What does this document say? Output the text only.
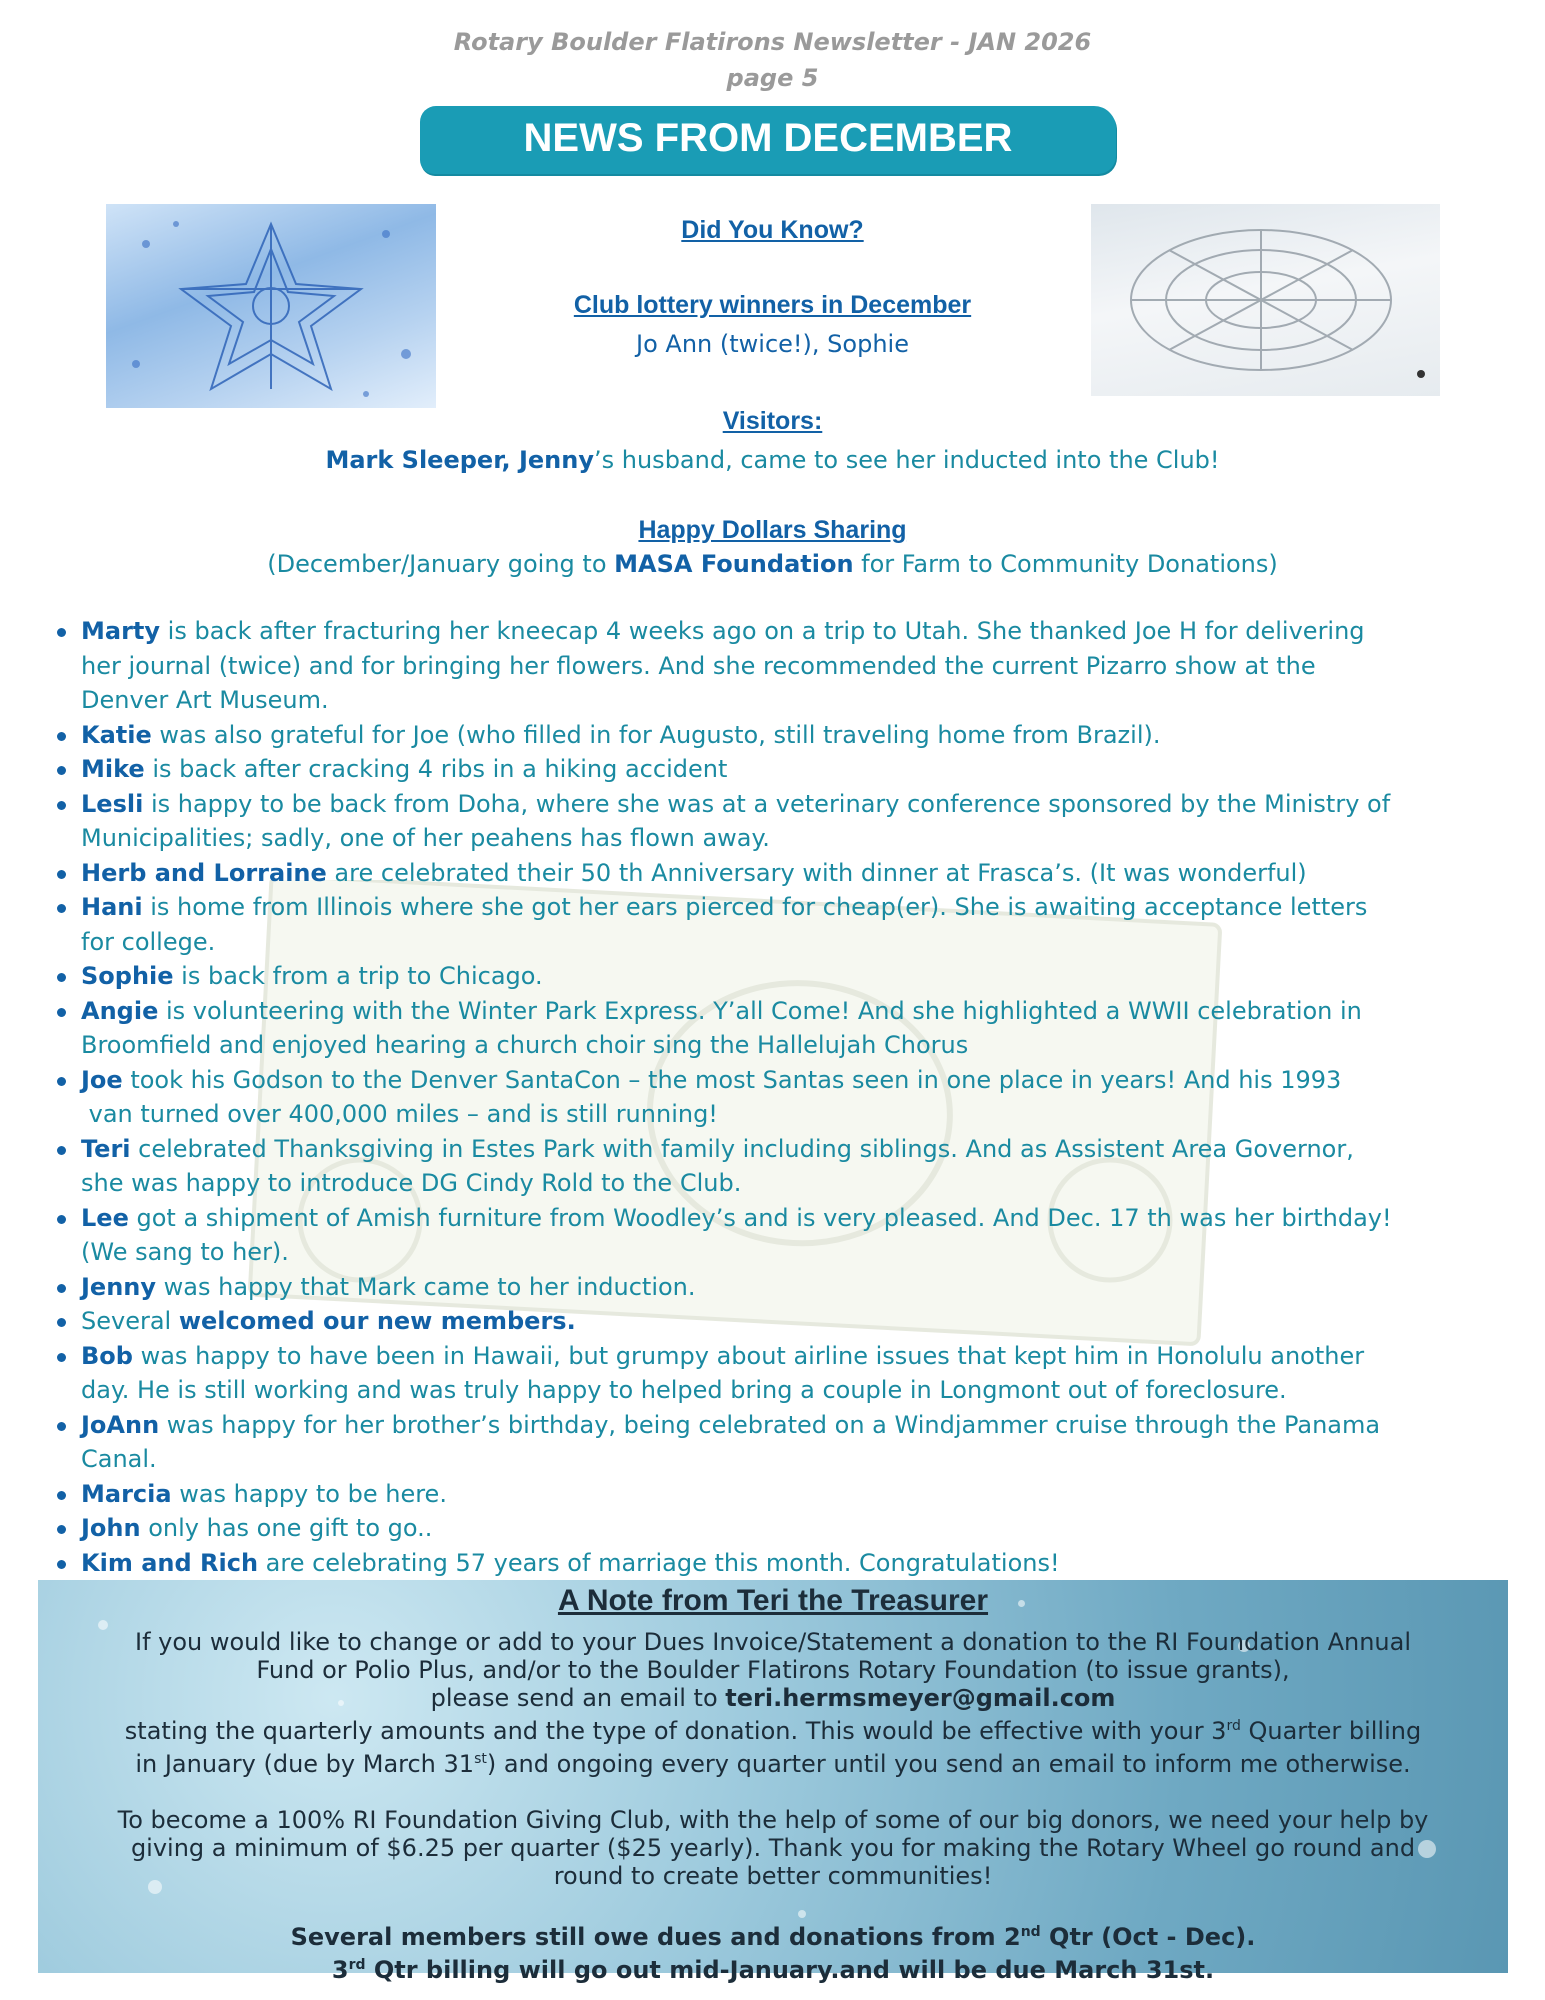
Rotary Boulder Flatirons Newsletter - JAN 2026
page 5
NEWS FROM DECEMBER
Did You Know?
Club lottery winners in December
Jo Ann (twice!), Sophie
Visitors:
Mark Sleeper, Jenny’s husband, came to see her inducted into the Club!
Happy Dollars Sharing
(December/January going to MASA Foundation for Farm to Community Donations)
Marty is back after fracturing her kneecap 4 weeks ago on a trip to Utah. She thanked Joe H for delivering
her journal (twice) and for bringing her flowers. And she recommended the current Pizarro show at the
Denver Art Museum.
Katie was also grateful for Joe (who filled in for Augusto, still traveling home from Brazil).
Mike is back after cracking 4 ribs in a hiking accident
Lesli is happy to be back from Doha, where she was at a veterinary conference sponsored by the Ministry of
Municipalities; sadly, one of her peahens has flown away.
Herb and Lorraine are celebrated their 50 th Anniversary with dinner at Frasca’s. (It was wonderful)
Hani is home from Illinois where she got her ears pierced for cheap(er). She is awaiting acceptance letters
for college.
Sophie is back from a trip to Chicago.
Angie is volunteering with the Winter Park Express. Y’all Come! And she highlighted a WWII celebration in
Broomfield and enjoyed hearing a church choir sing the Hallelujah Chorus
Joe took his Godson to the Denver SantaCon – the most Santas seen in one place in years! And his 1993
van turned over 400,000 miles – and is still running!
Teri celebrated Thanksgiving in Estes Park with family including siblings. And as Assistent Area Governor,
she was happy to introduce DG Cindy Rold to the Club.
Lee got a shipment of Amish furniture from Woodley’s and is very pleased. And Dec. 17 th was her birthday!
(We sang to her).
Jenny was happy that Mark came to her induction.
Several welcomed our new members.
Bob was happy to have been in Hawaii, but grumpy about airline issues that kept him in Honolulu another
day. He is still working and was truly happy to helped bring a couple in Longmont out of foreclosure.
JoAnn was happy for her brother’s birthday, being celebrated on a Windjammer cruise through the Panama
Canal.
Marcia was happy to be here.
John only has one gift to go..
Kim and Rich are celebrating 57 years of marriage this month. Congratulations!
A Note from Teri the Treasurer

If you would like to change or add to your Dues Invoice/Statement a donation to the RI Foundation Annual

Fund or Polio Plus, and/or to the Boulder Flatirons Rotary Foundation (to issue grants),

please send an email to teri.hermsmeyer@gmail.com

stating the quarterly amounts and the type of donation. This would be effective with your 3rd Quarter billing

in January (due by March 31st) and ongoing every quarter until you send an email to inform me otherwise.

To become a 100% RI Foundation Giving Club, with the help of some of our big donors, we need your help by

giving a minimum of $6.25 per quarter ($25 yearly). Thank you for making the Rotary Wheel go round and

round to create better communities!

Several members still owe dues and donations from 2nd Qtr (Oct - Dec).

3rd Qtr billing will go out mid-January.and will be due March 31st.
